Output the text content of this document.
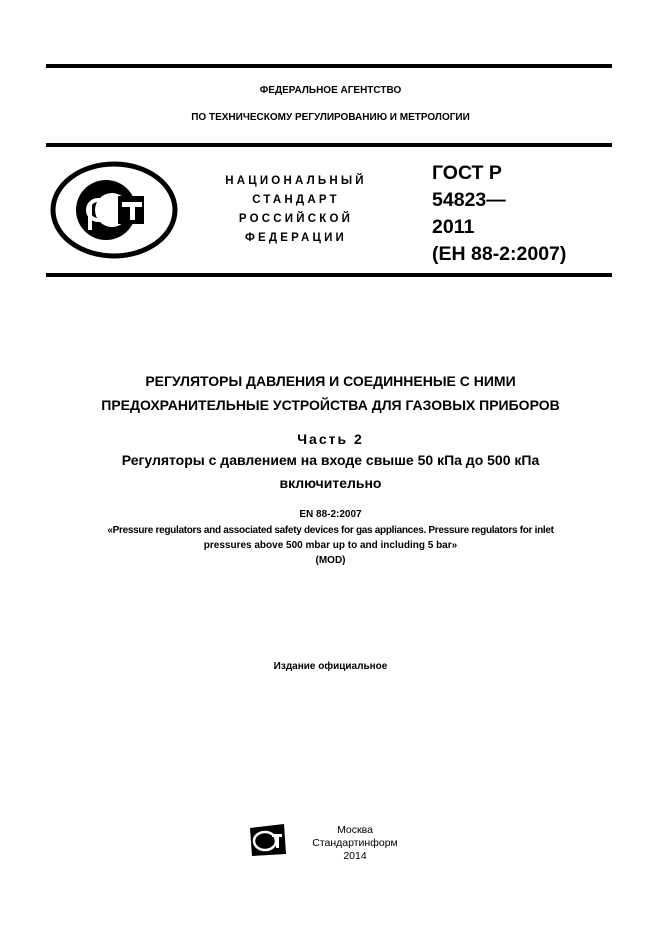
ФЕДЕРАЛЬНОЕ АГЕНТСТВО
ПО ТЕХНИЧЕСКОМУ РЕГУЛИРОВАНИЮ И МЕТРОЛОГИИ
НАЦИОНАЛЬНЫЙ
СТАНДАРТ
РОССИЙСКОЙ
ФЕДЕРАЦИИ
ГОСТ Р
54823—
2011
(ЕН 88-2:2007)
РЕГУЛЯТОРЫ ДАВЛЕНИЯ И СОЕДИННЕНЫЕ С НИМИ
ПРЕДОХРАНИТЕЛЬНЫЕ УСТРОЙСТВА ДЛЯ ГАЗОВЫХ ПРИБОРОВ
Часть 2
Регуляторы с давлением на входе свыше 50 кПа до 500 кПа
включительно
EN 88-2:2007
«Pressure regulators and associated safety devices for gas appliances. Pressure regulators for inlet
pressures above 500 mbar up to and including 5 bar»
(MOD)
Издание официальное
Москва
Стандартинформ
2014
